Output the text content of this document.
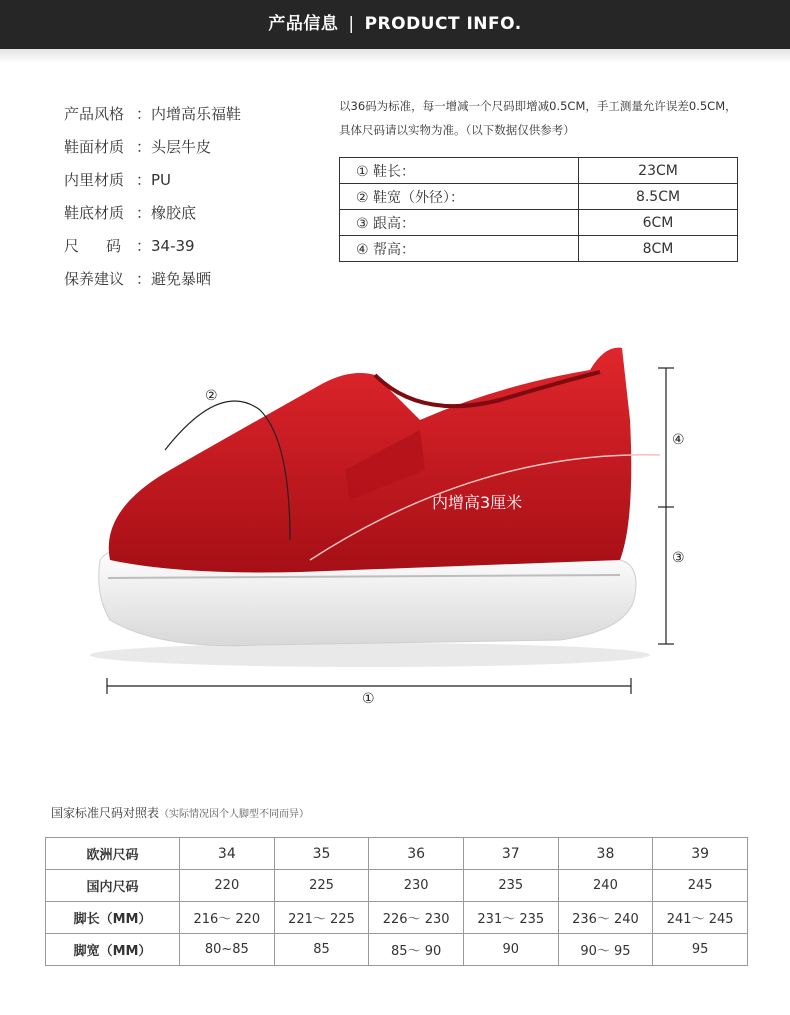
产品信息 | PRODUCT INFO.
产品风格 ：内增高乐福鞋
鞋面材质 ：头层牛皮
内里材质 ：PU
鞋底材质 ：橡胶底
尺码：34-39
保养建议 ：避免暴晒
以36码为标准，每一增减一个尺码即增减0.5CM，手工测量允许误差0.5CM，
具体尺码请以实物为准。（以下数据仅供参考）
① 鞋长：	23CM
② 鞋宽（外径）：	8.5CM
③ 跟高：	6CM
④ 帮高：	8CM
②
④
③
①
内增高3厘米
国家标准尺码对照表（实际情况因个人脚型不同而异）
欧洲尺码	34	35	36	37	38	39
国内尺码	220	225	230	235	240	245
脚长（MM）	216～ 220	221～ 225	226～ 230	231～ 235	236～ 240	241～ 245
脚宽（MM）	80~85	85	85～ 90	90	90～ 95	95
